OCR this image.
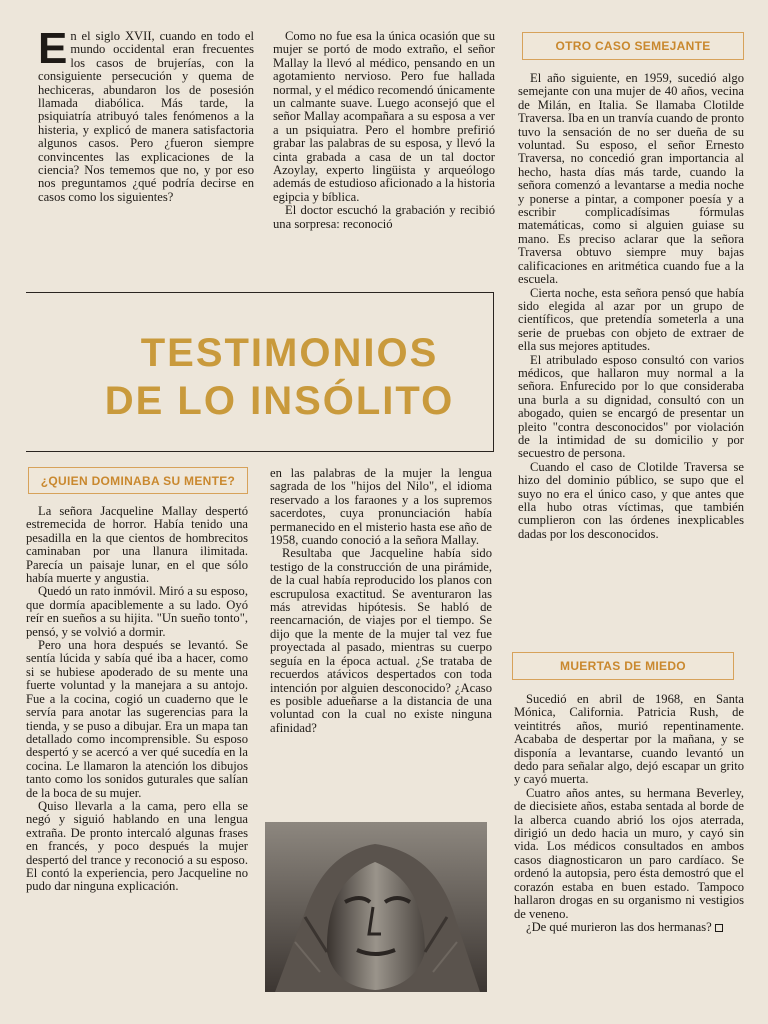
En el siglo XVII, cuando en todo el mundo occidental eran frecuentes los casos de brujerías, con la consiguiente persecución y quema de hechiceras, abundaron los de posesión llamada diabólica. Más tarde, la psiquiatría atribuyó tales fenómenos a la histeria, y explicó de manera satisfactoria algunos casos. Pero ¿fueron siempre convincentes las explicaciones de la ciencia? Nos tememos que no, y por eso nos preguntamos ¿qué podría decirse en casos como los siguientes?

Como no fue esa la única ocasión que su mujer se portó de modo extraño, el señor Mallay la llevó al médico, pensando en un agotamiento nervioso. Pero fue hallada normal, y el médico recomendó únicamente un calmante suave. Luego aconsejó que el señor Mallay acompañara a su esposa a ver a un psiquiatra. Pero el hombre prefirió grabar las palabras de su esposa, y llevó la cinta grabada a casa de un tal doctor Azoylay, experto lingüista y arqueólogo además de estudioso aficionado a la historia egipcia y bíblica.

El doctor escuchó la grabación y recibió una sorpresa: reconoció

TESTIMONIOS
DE LO INSÓLITO
¿QUIEN DOMINABA SU MENTE?

La señora Jacqueline Mallay despertó estremecida de horror. Había tenido una pesadilla en la que cientos de hombrecitos caminaban por una llanura ilimitada. Parecía un paisaje lunar, en el que sólo había muerte y angustia.

Quedó un rato inmóvil. Miró a su esposo, que dormía apaciblemente a su lado. Oyó reír en sueños a su hijita. "Un sueño tonto", pensó, y se volvió a dormir.

Pero una hora después se levantó. Se sentía lúcida y sabía qué iba a hacer, como si se hubiese apoderado de su mente una fuerte voluntad y la manejara a su antojo. Fue a la cocina, cogió un cuaderno que le servía para anotar las sugerencias para la tienda, y se puso a dibujar. Era un mapa tan detallado como incomprensible. Su esposo despertó y se acercó a ver qué sucedía en la cocina. Le llamaron la atención los dibujos tanto como los sonidos guturales que salían de la boca de su mujer.

Quiso llevarla a la cama, pero ella se negó y siguió hablando en una lengua extraña. De pronto intercaló algunas frases en francés, y poco después la mujer despertó del trance y reconoció a su esposo. El contó la experiencia, pero Jacqueline no pudo dar ninguna explicación.

en las palabras de la mujer la lengua sagrada de los "hijos del Nilo", el idioma reservado a los faraones y a los supremos sacerdotes, cuya pronunciación había permanecido en el misterio hasta ese año de 1958, cuando conoció a la señora Mallay.

Resultaba que Jacqueline había sido testigo de la construcción de una pirámide, de la cual había reproducido los planos con escrupulosa exactitud. Se aventuraron las más atrevidas hipótesis. Se habló de reencarnación, de viajes por el tiempo. Se dijo que la mente de la mujer tal vez fue proyectada al pasado, mientras su cuerpo seguía en la época actual. ¿Se trataba de recuerdos atávicos despertados con toda intención por alguien desconocido? ¿Acaso es posible adueñarse a la distancia de una voluntad con la cual no existe ninguna afinidad?

OTRO CASO SEMEJANTE

El año siguiente, en 1959, sucedió algo semejante con una mujer de 40 años, vecina de Milán, en Italia. Se llamaba Clotilde Traversa. Iba en un tranvía cuando de pronto tuvo la sensación de no ser dueña de su voluntad. Su esposo, el señor Ernesto Traversa, no concedió gran importancia al hecho, hasta días más tarde, cuando la señora comenzó a levantarse a media noche y ponerse a pintar, a componer poesía y a escribir complicadísimas fórmulas matemáticas, como si alguien guiase su mano. Es preciso aclarar que la señora Traversa obtuvo siempre muy bajas calificaciones en aritmética cuando fue a la escuela.

Cierta noche, esta señora pensó que había sido elegida al azar por un grupo de científicos, que pretendía someterla a una serie de pruebas con objeto de extraer de ella sus mejores aptitudes.

El atribulado esposo consultó con varios médicos, que hallaron muy normal a la señora. Enfurecido por lo que consideraba una burla a su dignidad, consultó con un abogado, quien se encargó de presentar un pleito "contra desconocidos" por violación de la intimidad de su domicilio y por secuestro de persona.

Cuando el caso de Clotilde Traversa se hizo del dominio público, se supo que el suyo no era el único caso, y que antes que ella hubo otras víctimas, que también cumplieron con las órdenes inexplicables dadas por los desconocidos.

MUERTAS DE MIEDO

Sucedió en abril de 1968, en Santa Mónica, California. Patricia Rush, de veintitrés años, murió repentinamente. Acababa de despertar por la mañana, y se disponía a levantarse, cuando levantó un dedo para señalar algo, dejó escapar un grito y cayó muerta.

Cuatro años antes, su hermana Beverley, de diecisiete años, estaba sentada al borde de la alberca cuando abrió los ojos aterrada, dirigió un dedo hacia un muro, y cayó sin vida. Los médicos consultados en ambos casos diagnosticaron un paro cardíaco. Se ordenó la autopsia, pero ésta demostró que el corazón estaba en buen estado. Tampoco hallaron drogas en su organismo ni vestigios de veneno.

¿De qué murieron las dos hermanas?
